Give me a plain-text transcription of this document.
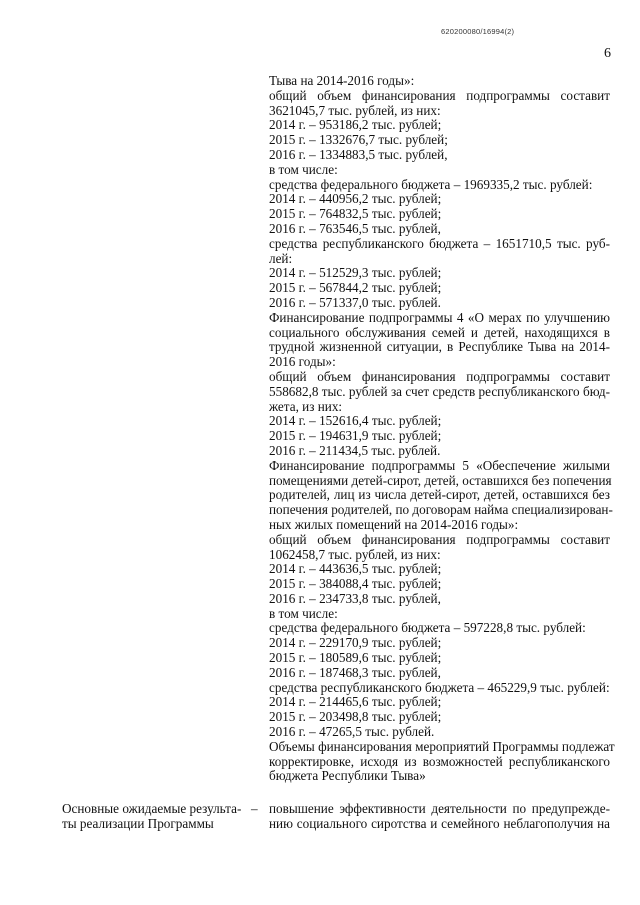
620200080/16994(2)
6
Тыва на 2014-2016 годы»:
общий объем финансирования подпрограммы составит
3621045,7 тыс. рублей, из них:
2014 г. – 953186,2 тыс. рублей;
2015 г. – 1332676,7 тыс. рублей;
2016 г. – 1334883,5 тыс. рублей,
в том числе:
средства федерального бюджета – 1969335,2 тыс. рублей:
2014 г. – 440956,2 тыс. рублей;
2015 г. – 764832,5 тыс. рублей;
2016 г. – 763546,5 тыс. рублей,
средства республиканского бюджета – 1651710,5 тыс. руб-
лей:
2014 г. – 512529,3 тыс. рублей;
2015 г. – 567844,2 тыс. рублей;
2016 г. – 571337,0 тыс. рублей.
Финансирование подпрограммы 4 «О мерах по улучшению
социального обслуживания семей и детей, находящихся в
трудной жизненной ситуации, в Республике Тыва на 2014-
2016 годы»:
общий объем финансирования подпрограммы составит
558682,8 тыс. рублей за счет средств республиканского бюд-
жета, из них:
2014 г. – 152616,4 тыс. рублей;
2015 г. – 194631,9 тыс. рублей;
2016 г. – 211434,5 тыс. рублей.
Финансирование подпрограммы 5 «Обеспечение жилыми
помещениями детей-сирот, детей, оставшихся без попечения
родителей, лиц из числа детей-сирот, детей, оставшихся без
попечения родителей, по договорам найма специализирован-
ных жилых помещений на 2014-2016 годы»:
общий объем финансирования подпрограммы составит
1062458,7 тыс. рублей, из них:
2014 г. – 443636,5 тыс. рублей;
2015 г. – 384088,4 тыс. рублей;
2016 г. – 234733,8 тыс. рублей,
в том числе:
средства федерального бюджета – 597228,8 тыс. рублей:
2014 г. – 229170,9 тыс. рублей;
2015 г. – 180589,6 тыс. рублей;
2016 г. – 187468,3 тыс. рублей,
средства республиканского бюджета – 465229,9 тыс. рублей:
2014 г. – 214465,6 тыс. рублей;
2015 г. – 203498,8 тыс. рублей;
2016 г. – 47265,5 тыс. рублей.
Объемы финансирования мероприятий Программы подлежат
корректировке, исходя из возможностей республиканского
бюджета Республики Тыва»
Основные ожидаемые результа-
ты реализации Программы
– повышение эффективности деятельности по предупрежде-
нию социального сиротства и семейного неблагополучия на
